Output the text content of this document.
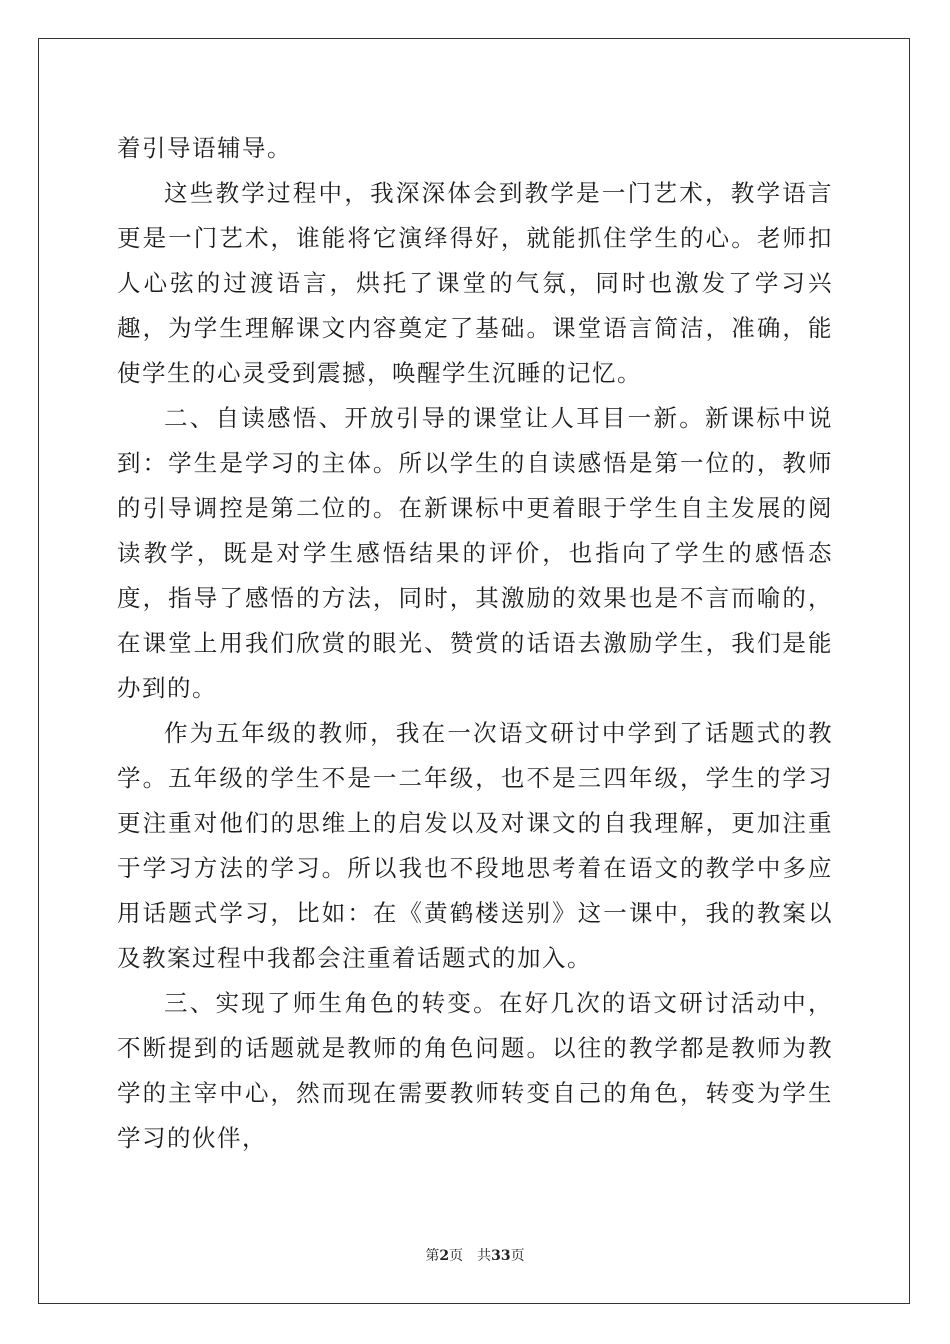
着引导语辅导。

这些教学过程中，我深深体会到教学是一门艺术，教学语言更是一门艺术，谁能将它演绎得好，就能抓住学生的心。老师扣人心弦的过渡语言，烘托了课堂的气氛，同时也激发了学习兴趣，为学生理解课文内容奠定了基础。课堂语言简洁，准确，能使学生的心灵受到震撼，唤醒学生沉睡的记忆。

二、自读感悟、开放引导的课堂让人耳目一新。新课标中说到：学生是学习的主体。所以学生的自读感悟是第一位的，教师的引导调控是第二位的。在新课标中更着眼于学生自主发展的阅读教学，既是对学生感悟结果的评价，也指向了学生的感悟态度，指导了感悟的方法，同时，其激励的效果也是不言而喻的，在课堂上用我们欣赏的眼光、赞赏的话语去激励学生，我们是能办到的。

作为五年级的教师，我在一次语文研讨中学到了话题式的教学。五年级的学生不是一二年级，也不是三四年级，学生的学习更注重对他们的思维上的启发以及对课文的自我理解，更加注重于学习方法的学习。所以我也不段地思考着在语文的教学中多应用话题式学习，比如：在《黄鹤楼送别》这一课中，我的教案以及教案过程中我都会注重着话题式的加入。

三、实现了师生角色的转变。在好几次的语文研讨活动中，不断提到的话题就是教师的角色问题。以往的教学都是教师为教学的主宰中心，然而现在需要教师转变自己的角色，转变为学生学习的伙伴，

第2页 共33页
